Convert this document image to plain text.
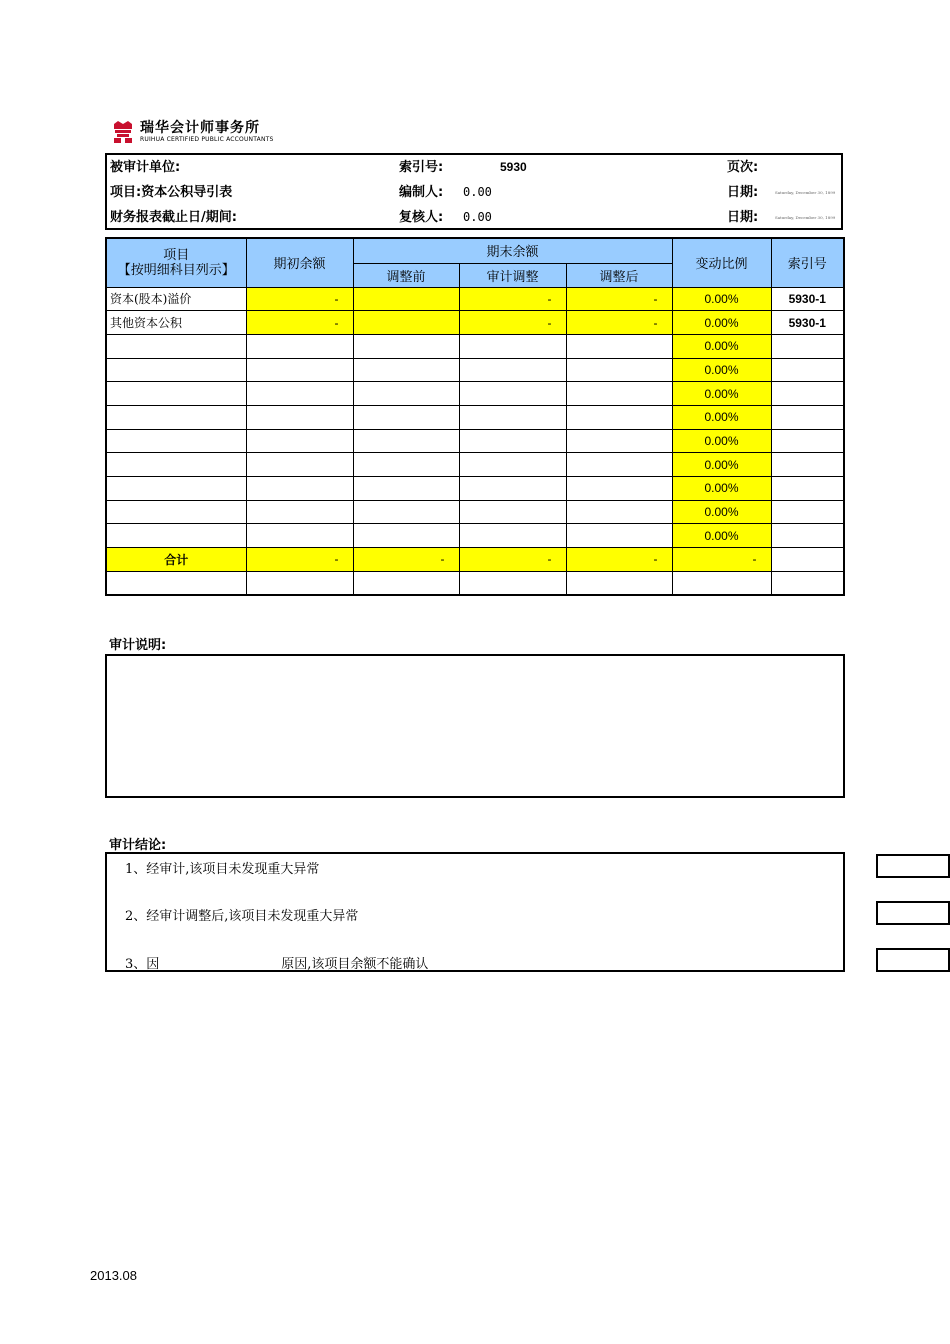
瑞华会计师事务所
RUIHUA CERTIFIED PUBLIC ACCOUNTANTS
被审计单位:	索引号:	5930	页次:
项目:资本公积导引表	编制人: 0.00	日期:	Saturday, December 30, 1899
财务报表截止日/期间:	复核人: 0.00	日期:	Saturday, December 30, 1899
项目
【按明细科目列示】	期初余额	期末余额			变动比例	索引号
		调整前	审计调整	调整后		
资本(股本)溢价	-		-	-	0.00%	5930-1
其他资本公积	-		-	-	0.00%	5930-1
					0.00%	
					0.00%	
					0.00%	
					0.00%	
					0.00%	
					0.00%	
					0.00%	
					0.00%	
					0.00%	
合计	-	-	-	-	-	

审计说明:
审计结论:
1、经审计,该项目未发现重大异常
2、经审计调整后,该项目未发现重大异常
3、因	原因,该项目余额不能确认
2013.08
